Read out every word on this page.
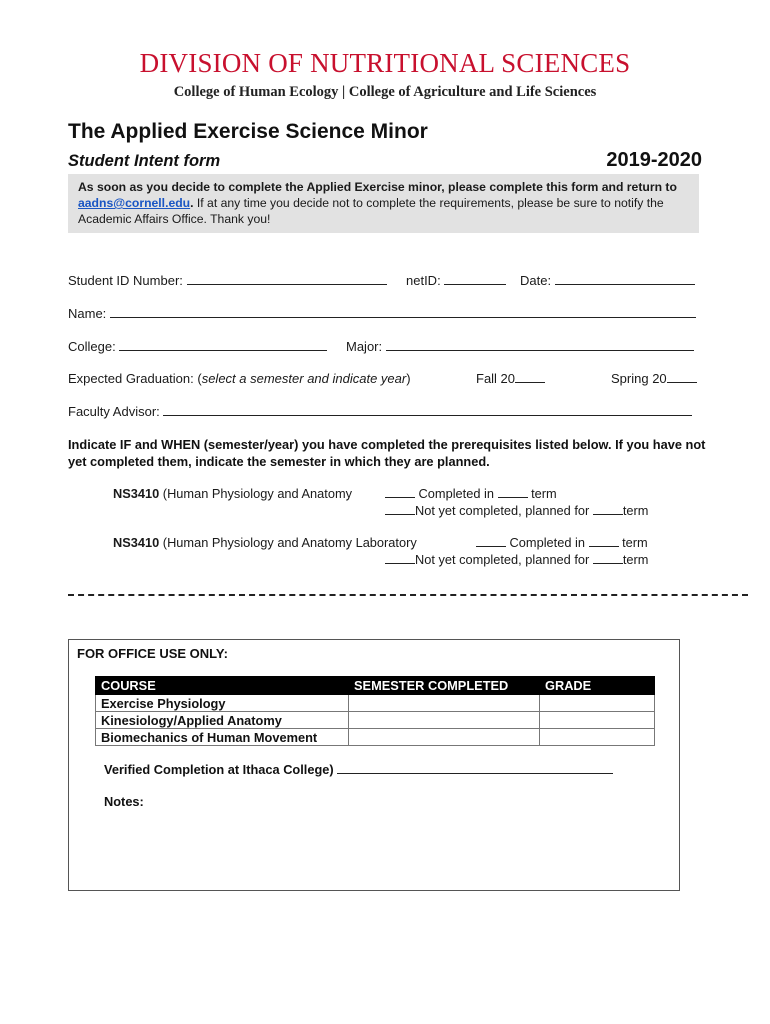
DIVISION OF NUTRITIONAL SCIENCES
College of Human Ecology | College of Agriculture and Life Sciences
The Applied Exercise Science Minor
Student Intent form	2019-2020
As soon as you decide to complete the Applied Exercise minor, please complete this form and return to aadns@cornell.edu. If at any time you decide not to complete the requirements, please be sure to notify the Academic Affairs Office. Thank you!
Student ID Number:	netID:	Date:
Name:
College:	Major:
Expected Graduation: (select a semester and indicate year)	Fall 20	Spring 20
Faculty Advisor:
Indicate IF and WHEN (semester/year) you have completed the prerequisites listed below. If you have not yet completed them, indicate the semester in which they are planned.
NS3410 (Human Physiology and Anatomy	Completed in  term
Not yet completed, planned for term
NS3410 (Human Physiology and Anatomy Laboratory	Completed in  term
Not yet completed, planned for term
FOR OFFICE USE ONLY:
COURSE	SEMESTER COMPLETED	GRADE
Exercise Physiology		
Kinesiology/Applied Anatomy		
Biomechanics of Human Movement		
Verified Completion at Ithaca College)
Notes:
